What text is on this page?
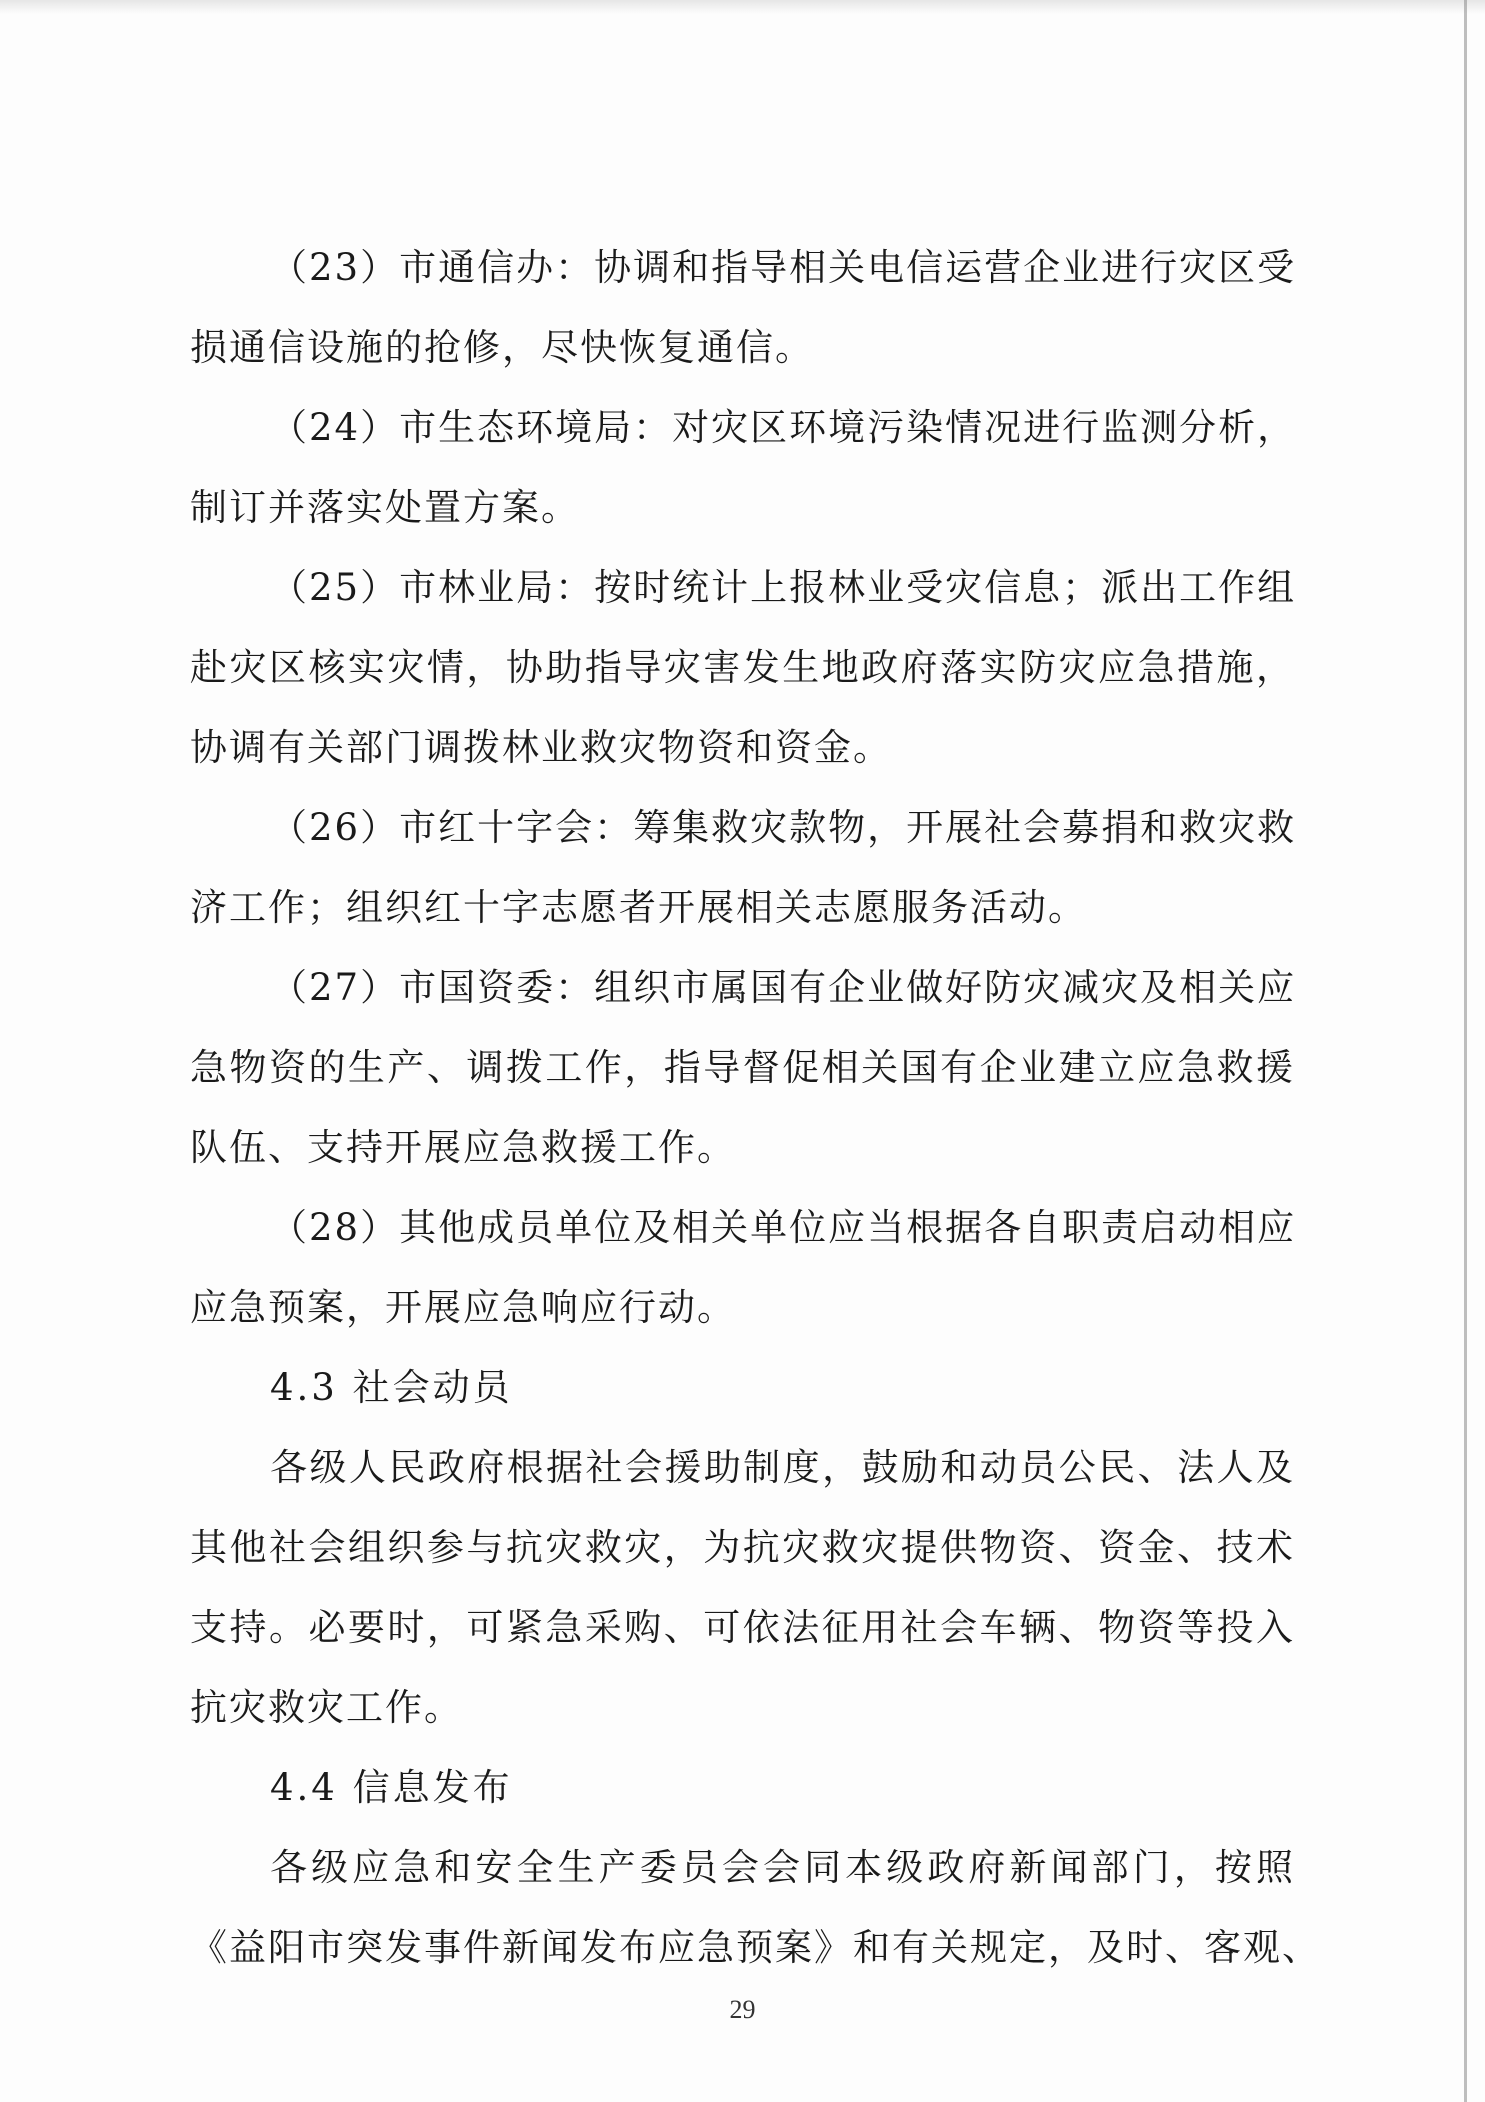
（23）市通信办：协调和指导相关电信运营企业进行灾区受
损通信设施的抢修，尽快恢复通信。
（24）市生态环境局：对灾区环境污染情况进行监测分析，
制订并落实处置方案。
（25）市林业局：按时统计上报林业受灾信息；派出工作组
赴灾区核实灾情，协助指导灾害发生地政府落实防灾应急措施，
协调有关部门调拨林业救灾物资和资金。
（26）市红十字会：筹集救灾款物，开展社会募捐和救灾救
济工作；组织红十字志愿者开展相关志愿服务活动。
（27）市国资委：组织市属国有企业做好防灾减灾及相关应
急物资的生产、调拨工作，指导督促相关国有企业建立应急救援
队伍、支持开展应急救援工作。
（28）其他成员单位及相关单位应当根据各自职责启动相应
应急预案，开展应急响应行动。
4.3 社会动员
各级人民政府根据社会援助制度，鼓励和动员公民、法人及
其他社会组织参与抗灾救灾，为抗灾救灾提供物资、资金、技术
支持。必要时，可紧急采购、可依法征用社会车辆、物资等投入
抗灾救灾工作。
4.4 信息发布
各级应急和安全生产委员会会同本级政府新闻部门，按照
《益阳市突发事件新闻发布应急预案》和有关规定，及时、客观、
29
